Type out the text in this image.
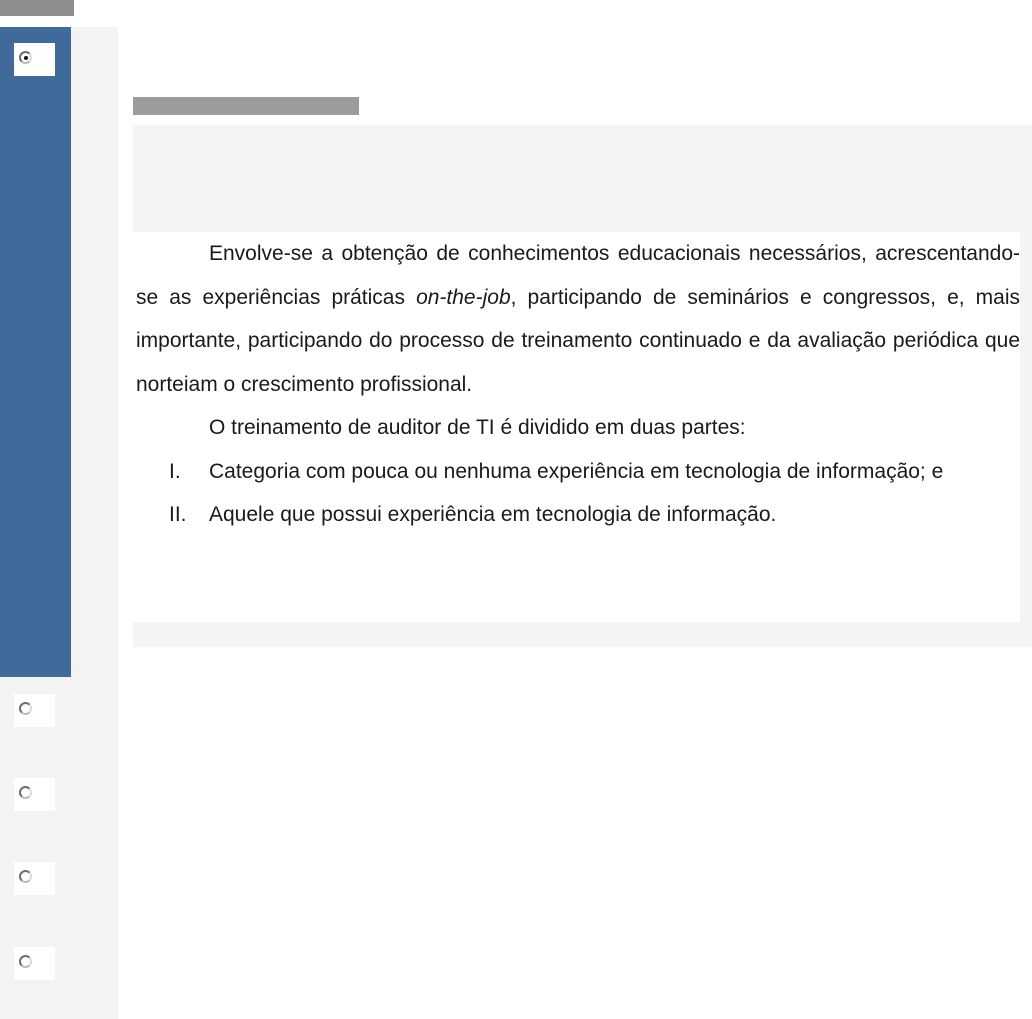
Envolve-se a obtenção de conhecimentos educacionais necessários, acrescentando-se as experiências práticas on-the-job, participando de seminários e congressos, e, mais importante, participando do processo de treinamento continuado e da avaliação periódica que norteiam o crescimento profissional.

O treinamento de auditor de TI é dividido em duas partes:

I.	Categoria com pouca ou nenhuma experiência em tecnologia de informação; e
II.	Aquele que possui experiência em tecnologia de informação.
